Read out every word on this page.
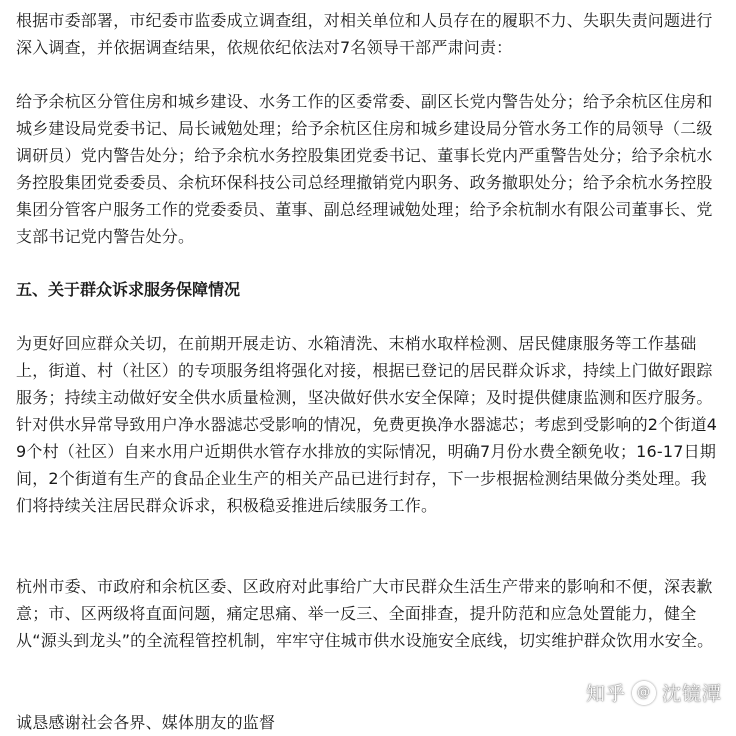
根据市委部署，市纪委市监委成立调查组，对相关单位和人员存在的履职不力、失职失责问题进行深入调查，并依据调查结果，依规依纪依法对7名领导干部严肃问责：

给予余杭区分管住房和城乡建设、水务工作的区委常委、副区长党内警告处分；给予余杭区住房和城乡建设局党委书记、局长诫勉处理；给予余杭区住房和城乡建设局分管水务工作的局领导（二级调研员）党内警告处分；给予余杭水务控股集团党委书记、董事长党内严重警告处分；给予余杭水务控股集团党委委员、余杭环保科技公司总经理撤销党内职务、政务撤职处分；给予余杭水务控股集团分管客户服务工作的党委委员、董事、副总经理诫勉处理；给予余杭制水有限公司董事长、党支部书记党内警告处分。

五、关于群众诉求服务保障情况

为更好回应群众关切，在前期开展走访、水箱清洗、末梢水取样检测、居民健康服务等工作基础上，街道、村（社区）的专项服务组将强化对接，根据已登记的居民群众诉求，持续上门做好跟踪服务；持续主动做好安全供水质量检测，坚决做好供水安全保障；及时提供健康监测和医疗服务。针对供水异常导致用户净水器滤芯受影响的情况，免费更换净水器滤芯；考虑到受影响的2个街道49个村（社区）自来水用户近期供水管存水排放的实际情况，明确7月份水费全额免收；16-17日期间，2个街道有生产的食品企业生产的相关产品已进行封存，下一步根据检测结果做分类处理。我们将持续关注居民群众诉求，积极稳妥推进后续服务工作。

杭州市委、市政府和余杭区委、区政府对此事给广大市民群众生活生产带来的影响和不便，深表歉意；市、区两级将直面问题，痛定思痛、举一反三、全面排查，提升防范和应急处置能力，健全从“源头到龙头”的全流程管控机制，牢牢守住城市供水设施安全底线，切实维护群众饮用水安全。

诚恳感谢社会各界、媒体朋友的监督

知乎 @ 沈镜潭
